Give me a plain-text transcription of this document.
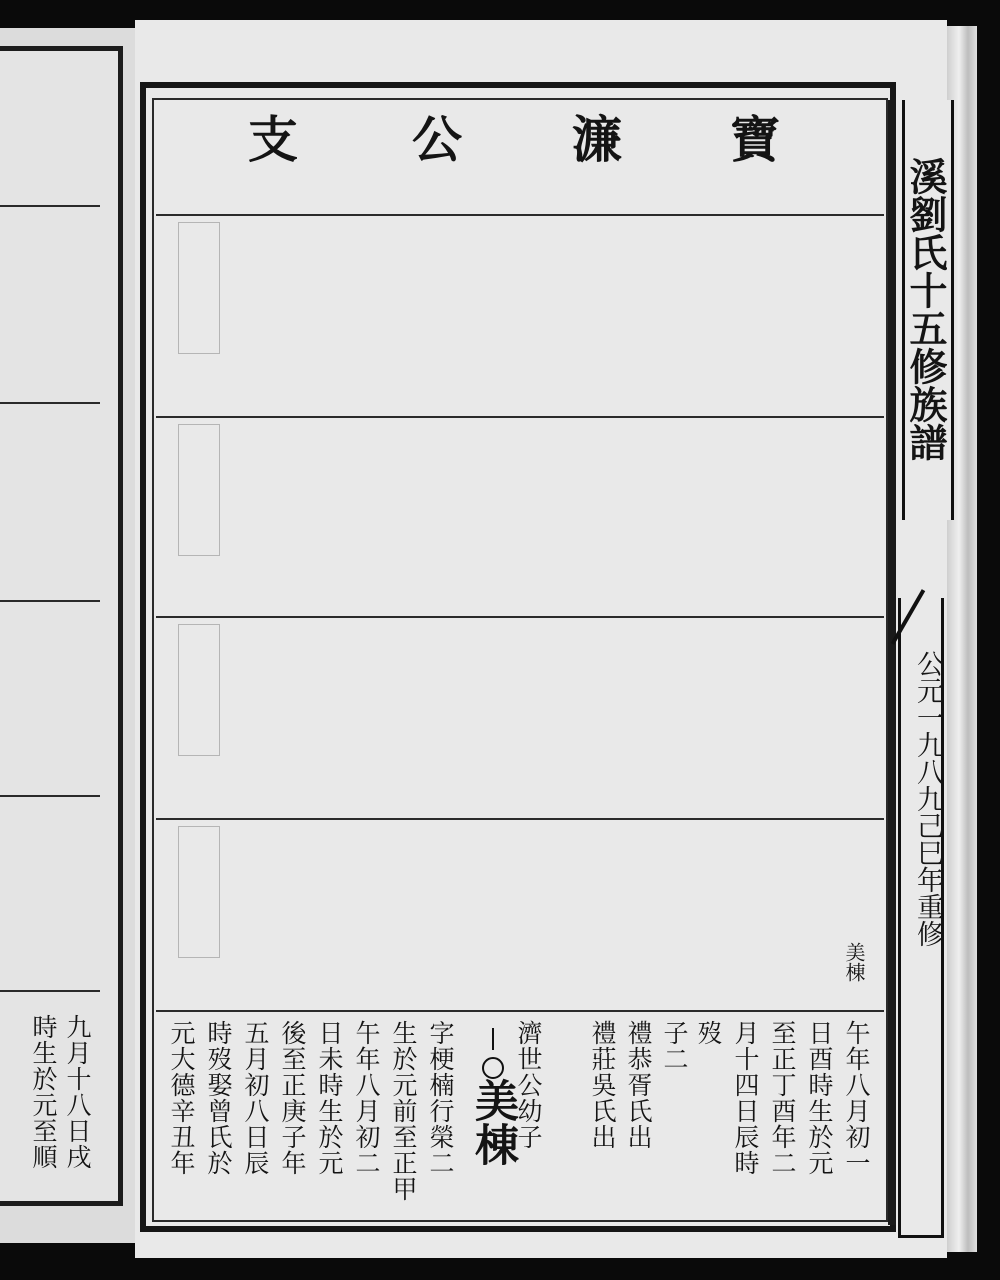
九月十八日戌
時生於元至順
寶
濂
公
支
溪劉氏十五修族譜
公元一九八九己巳年重修
美棟
午年八月初一
日酉時生於元
至正丁酉年二
月十四日辰時
歿
子二
禮恭胥氏出
禮莊吳氏出
濟世公幼子
美棟
字梗楠行榮二
生於元前至正甲
午年八月初二
日未時生於元
後至正庚子年
五月初八日辰
時歿娶曾氏於
元大德辛丑年
